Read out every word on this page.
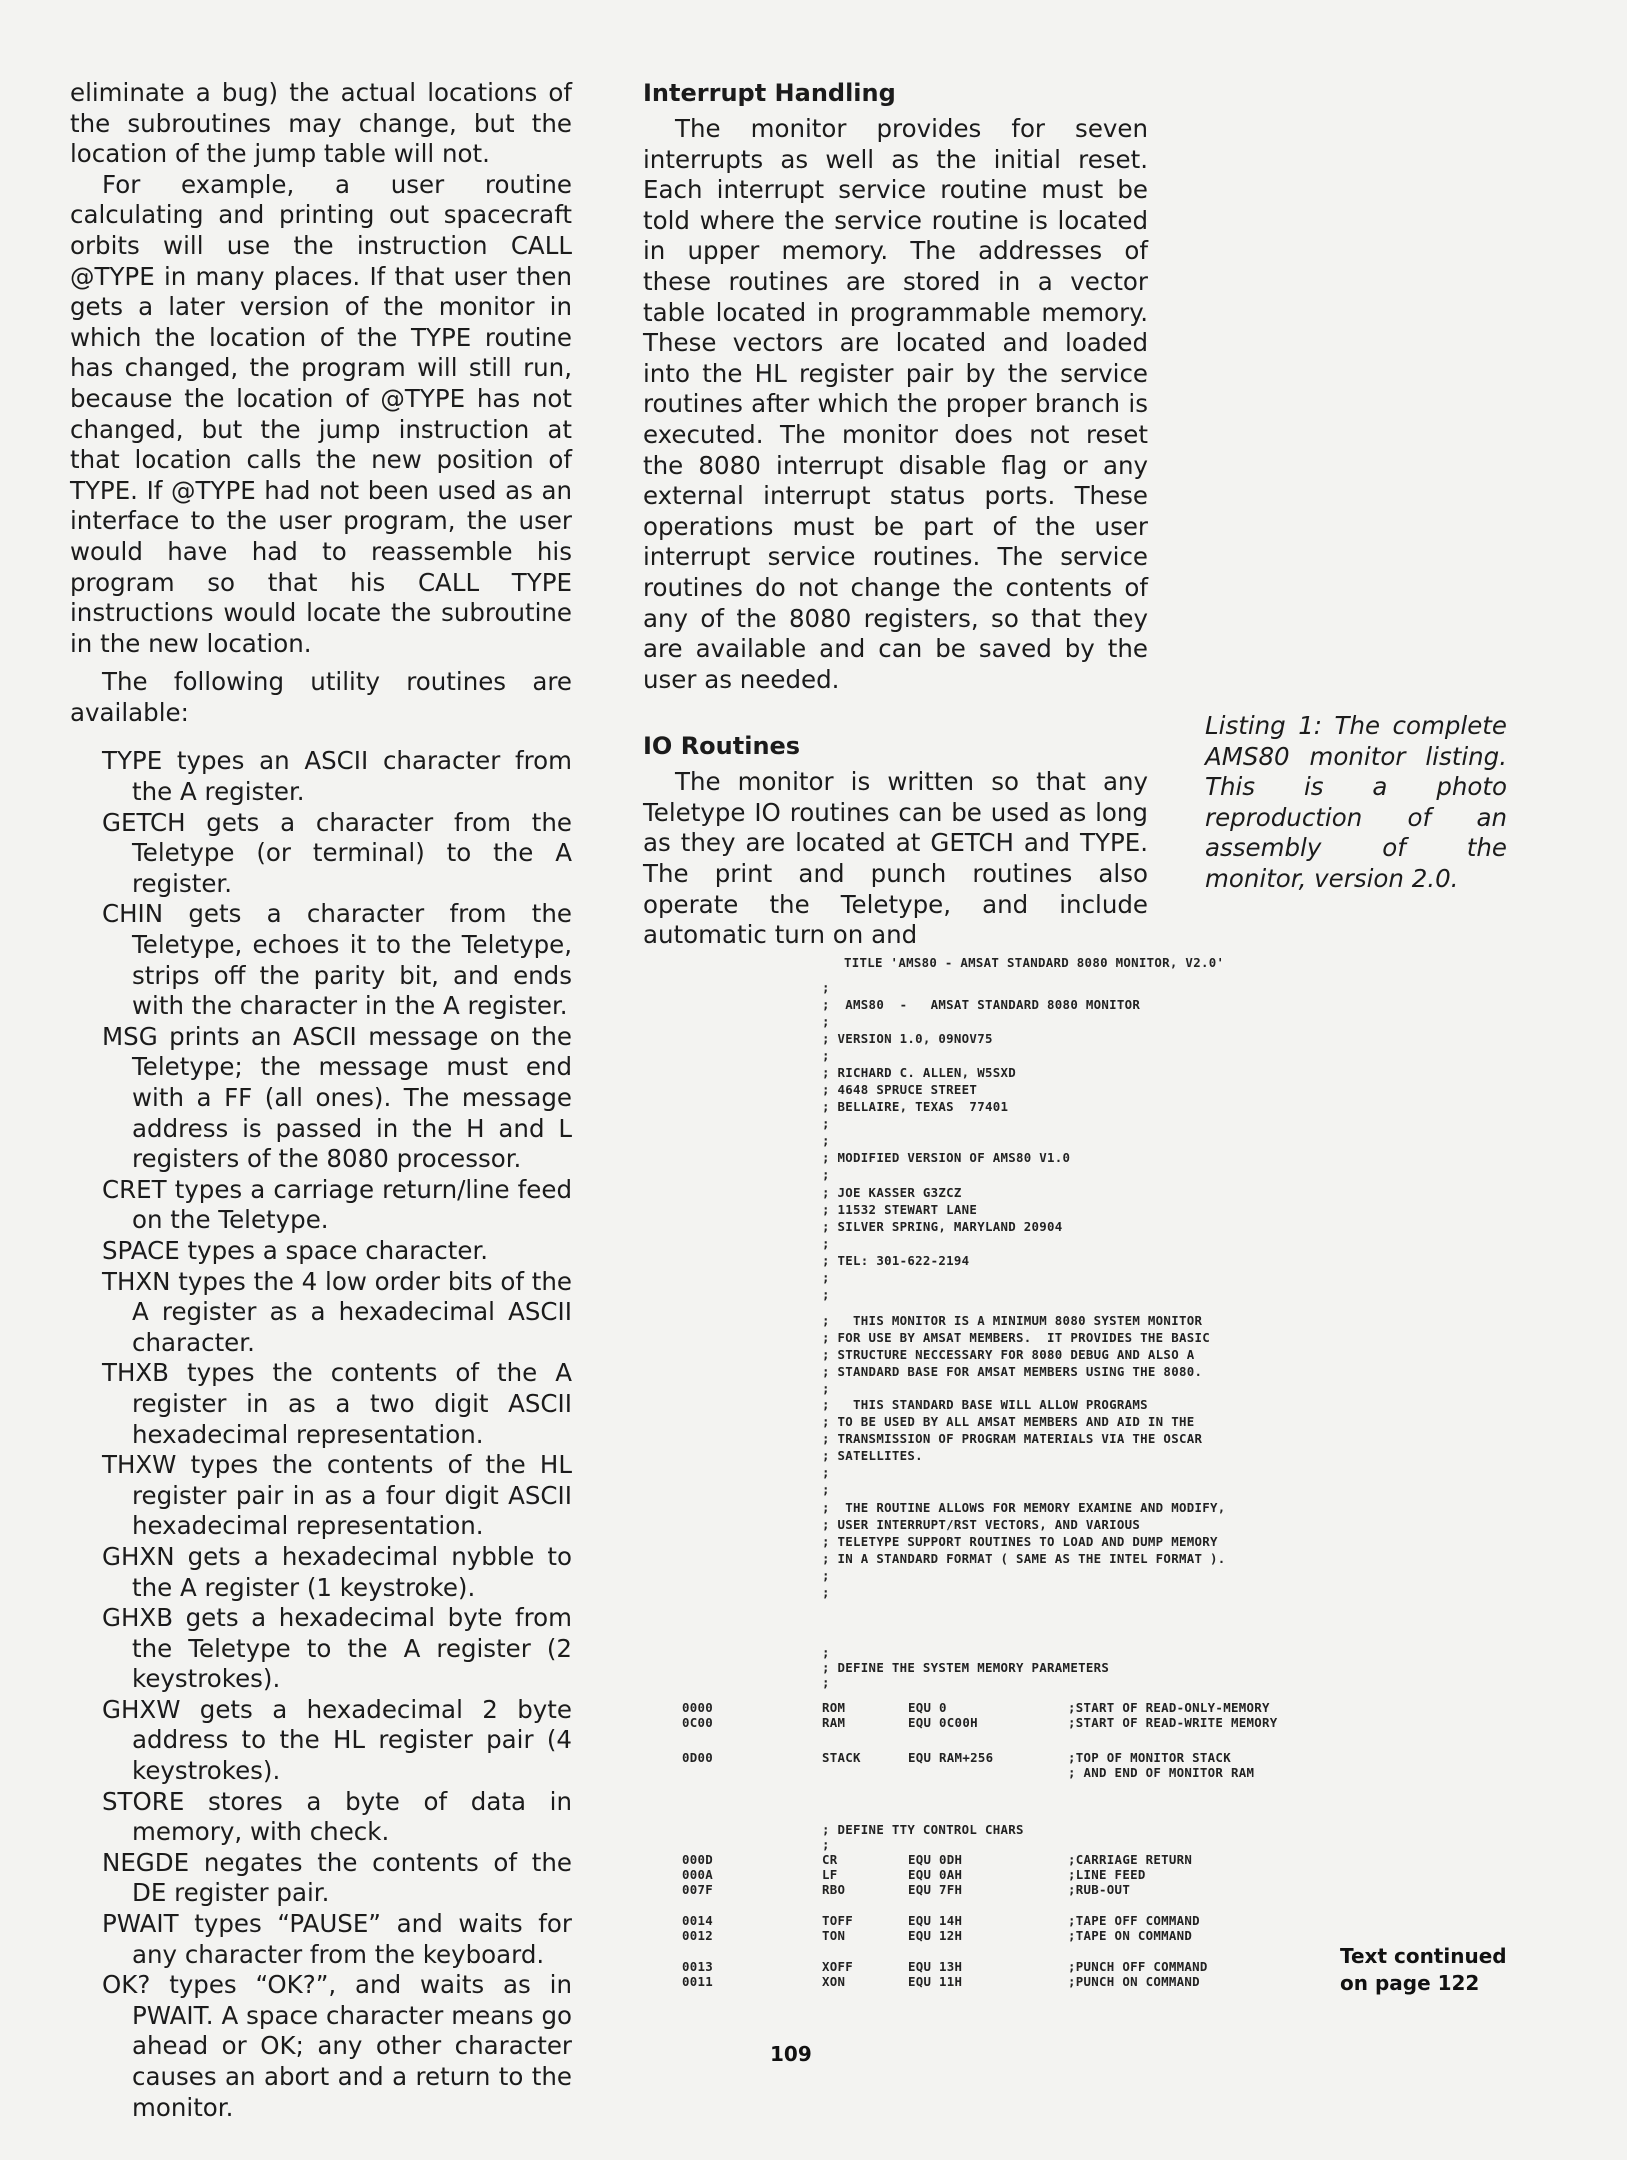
eliminate a bug) the actual locations of the subroutines may change, but the location of the jump table will not.

For example, a user routine calculating and printing out spacecraft orbits will use the instruction CALL @TYPE in many places. If that user then gets a later version of the monitor in which the location of the TYPE routine has changed, the program will still run, because the location of @TYPE has not changed, but the jump instruction at that location calls the new position of TYPE. If @TYPE had not been used as an interface to the user program, the user would have had to reassemble his program so that his CALL TYPE instructions would locate the subroutine in the new location.

The following utility routines are available:

TYPE types an ASCII character from the A register.
GETCH gets a character from the Teletype (or terminal) to the A register.
CHIN gets a character from the Teletype, echoes it to the Teletype, strips off the parity bit, and ends with the character in the A register.
MSG prints an ASCII message on the Teletype; the message must end with a FF (all ones). The message address is passed in the H and L registers of the 8080 processor.
CRET types a carriage return/line feed on the Teletype.
SPACE types a space character.
THXN types the 4 low order bits of the A register as a hexadecimal ASCII character.
THXB types the contents of the A register in as a two digit ASCII hexadecimal representation.
THXW types the contents of the HL register pair in as a four digit ASCII hexadecimal representation.
GHXN gets a hexadecimal nybble to the A register (1 keystroke).
GHXB gets a hexadecimal byte from the Teletype to the A register (2 keystrokes).
GHXW gets a hexadecimal 2 byte address to the HL register pair (4 keystrokes).
STORE stores a byte of data in memory, with check.
NEGDE negates the contents of the DE register pair.
PWAIT types “PAUSE” and waits for any character from the keyboard.
OK? types “OK?”, and waits as in PWAIT. A space character means go ahead or OK; any other character causes an abort and a return to the monitor.
Interrupt Handling

The monitor provides for seven interrupts as well as the initial reset. Each interrupt service routine must be told where the service routine is located in upper memory. The addresses of these routines are stored in a vector table located in programmable memory. These vectors are located and loaded into the HL register pair by the service routines after which the proper branch is executed. The monitor does not reset the 8080 interrupt disable flag or any external interrupt status ports. These operations must be part of the user interrupt service routines. The service routines do not change the contents of any of the 8080 registers, so that they are available and can be saved by the user as needed.

IO Routines

The monitor is written so that any Teletype IO routines can be used as long as they are located at GETCH and TYPE. The print and punch routines also operate the Teletype, and include automatic turn on and

Listing 1: The complete AMS80 monitor listing. This is a photo reproduction of an assembly of the monitor, version 2.0.
TITLE 'AMS80 - AMSAT STANDARD 8080 MONITOR, V2.0'
;
;  AMS80  -   AMSAT STANDARD 8080 MONITOR
;
; VERSION 1.0, 09NOV75
;
; RICHARD C. ALLEN, W5SXD
; 4648 SPRUCE STREET
; BELLAIRE, TEXAS  77401
;
;
; MODIFIED VERSION OF AMS80 V1.0
;
; JOE KASSER G3ZCZ
; 11532 STEWART LANE
; SILVER SPRING, MARYLAND 20904
;
; TEL: 301-622-2194
;
;
;   THIS MONITOR IS A MINIMUM 8080 SYSTEM MONITOR
; FOR USE BY AMSAT MEMBERS.  IT PROVIDES THE BASIC
; STRUCTURE NECCESSARY FOR 8080 DEBUG AND ALSO A
; STANDARD BASE FOR AMSAT MEMBERS USING THE 8080.
;
;   THIS STANDARD BASE WILL ALLOW PROGRAMS
; TO BE USED BY ALL AMSAT MEMBERS AND AID IN THE
; TRANSMISSION OF PROGRAM MATERIALS VIA THE OSCAR
; SATELLITES.
;
;
;  THE ROUTINE ALLOWS FOR MEMORY EXAMINE AND MODIFY,
; USER INTERRUPT/RST VECTORS, AND VARIOUS
; TELETYPE SUPPORT ROUTINES TO LOAD AND DUMP MEMORY
; IN A STANDARD FORMAT ( SAME AS THE INTEL FORMAT ).
;
;
;
; DEFINE THE SYSTEM MEMORY PARAMETERS
;
0000	ROM	EQU 0	;START OF READ-ONLY-MEMORY
0C00	RAM	EQU 0C00H	;START OF READ-WRITE MEMORY
0D00	STACK	EQU RAM+256	;TOP OF MONITOR STACK
; AND END OF MONITOR RAM
; DEFINE TTY CONTROL CHARS
;
000D	CR	EQU 0DH	;CARRIAGE RETURN
000A	LF	EQU 0AH	;LINE FEED
007F	RBO	EQU 7FH	;RUB-OUT
0014	TOFF	EQU 14H	;TAPE OFF COMMAND
0012	TON	EQU 12H	;TAPE ON COMMAND
0013	XOFF	EQU 13H	;PUNCH OFF COMMAND
0011	XON	EQU 11H	;PUNCH ON COMMAND
Text continued on page 122
109
